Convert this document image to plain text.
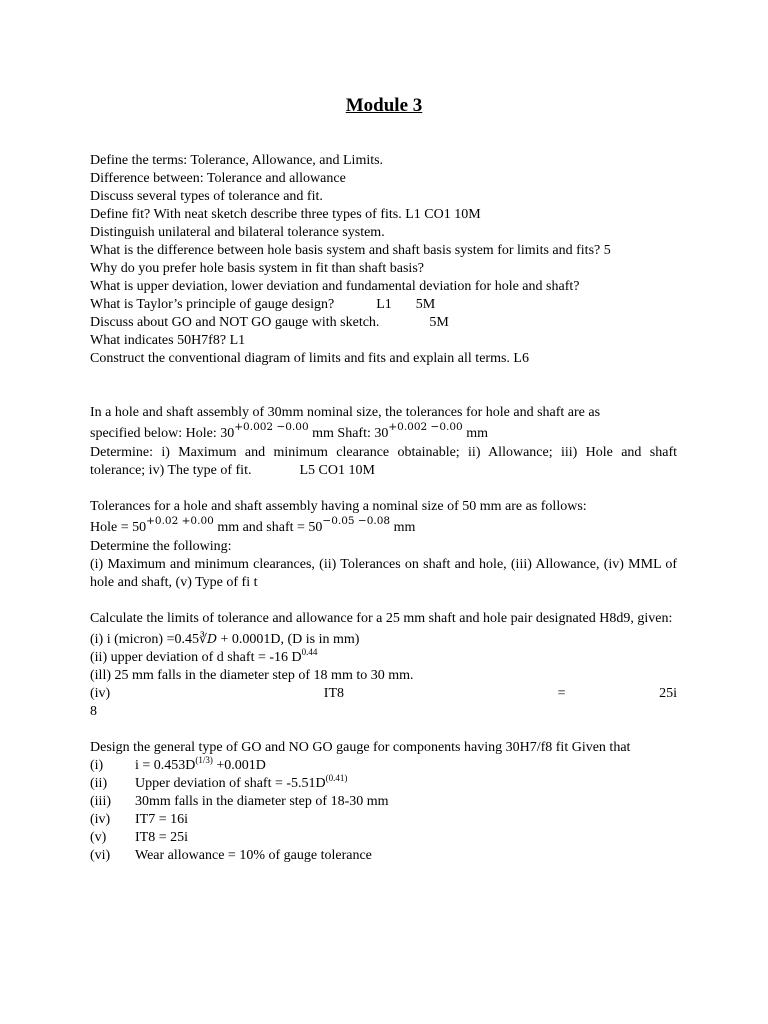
Module 3

Define the terms: Tolerance, Allowance, and Limits.

Difference between: Tolerance and allowance

Discuss several types of tolerance and fit.

Define fit? With neat sketch describe three types of fits. L1 CO1 10M

Distinguish unilateral and bilateral tolerance system.

What is the difference between hole basis system and shaft basis system for limits and fits? 5

Why do you prefer hole basis system in fit than shaft basis?

What is upper deviation, lower deviation and fundamental deviation for hole and shaft?

What is Taylor’s principle of gauge design?	L1 5M

Discuss about GO and NOT GO gauge with sketch.	5M

What indicates 50H7f8? L1

Construct the conventional diagram of limits and fits and explain all terms. L6

In a hole and shaft assembly of 30mm nominal size, the tolerances for hole and shaft are as

specified below: Hole: $30^{+0.002 -0.00}$ mm Shaft: $30^{+0.002 -0.00}$ mm

Determine: i) Maximum and minimum clearance obtainable; ii) Allowance; iii) Hole and shaft tolerance; iv) The type of fit.	L5 CO1 10M

Tolerances for a hole and shaft assembly having a nominal size of 50 mm are as follows:

Hole = $50^{+0.02 +0.00}$ mm and shaft = $50^{-0.05 -0.08}$ mm

Determine the following:

(i) Maximum and minimum clearances, (ii) Tolerances on shaft and hole, (iii) Allowance, (iv) MML of hole and shaft, (v) Type of fi t

Calculate the limits of tolerance and allowance for a 25 mm shaft and hole pair designated H8d9, given:

(i) i (micron) =0.45∛D + 0.0001D, (D is in mm)

(ii) upper deviation of d shaft = -16 $D^{0.44}$

(ill) 25 mm falls in the diameter step of 18 mm to 30 mm.

(iv)	IT8	=	25i

8

Design the general type of GO and NO GO gauge for components having 30H7/f8 fit Given that

(i)	$i = 0.453D^{(1/3)} +0.001D$
(ii)	Upper deviation of shaft = $-5.51D^{(0.41)}$
(iii)	30mm falls in the diameter step of 18-30 mm
(iv)	IT7 = 16i
(v)	IT8 = 25i
(vi)	Wear allowance = 10% of gauge tolerance
